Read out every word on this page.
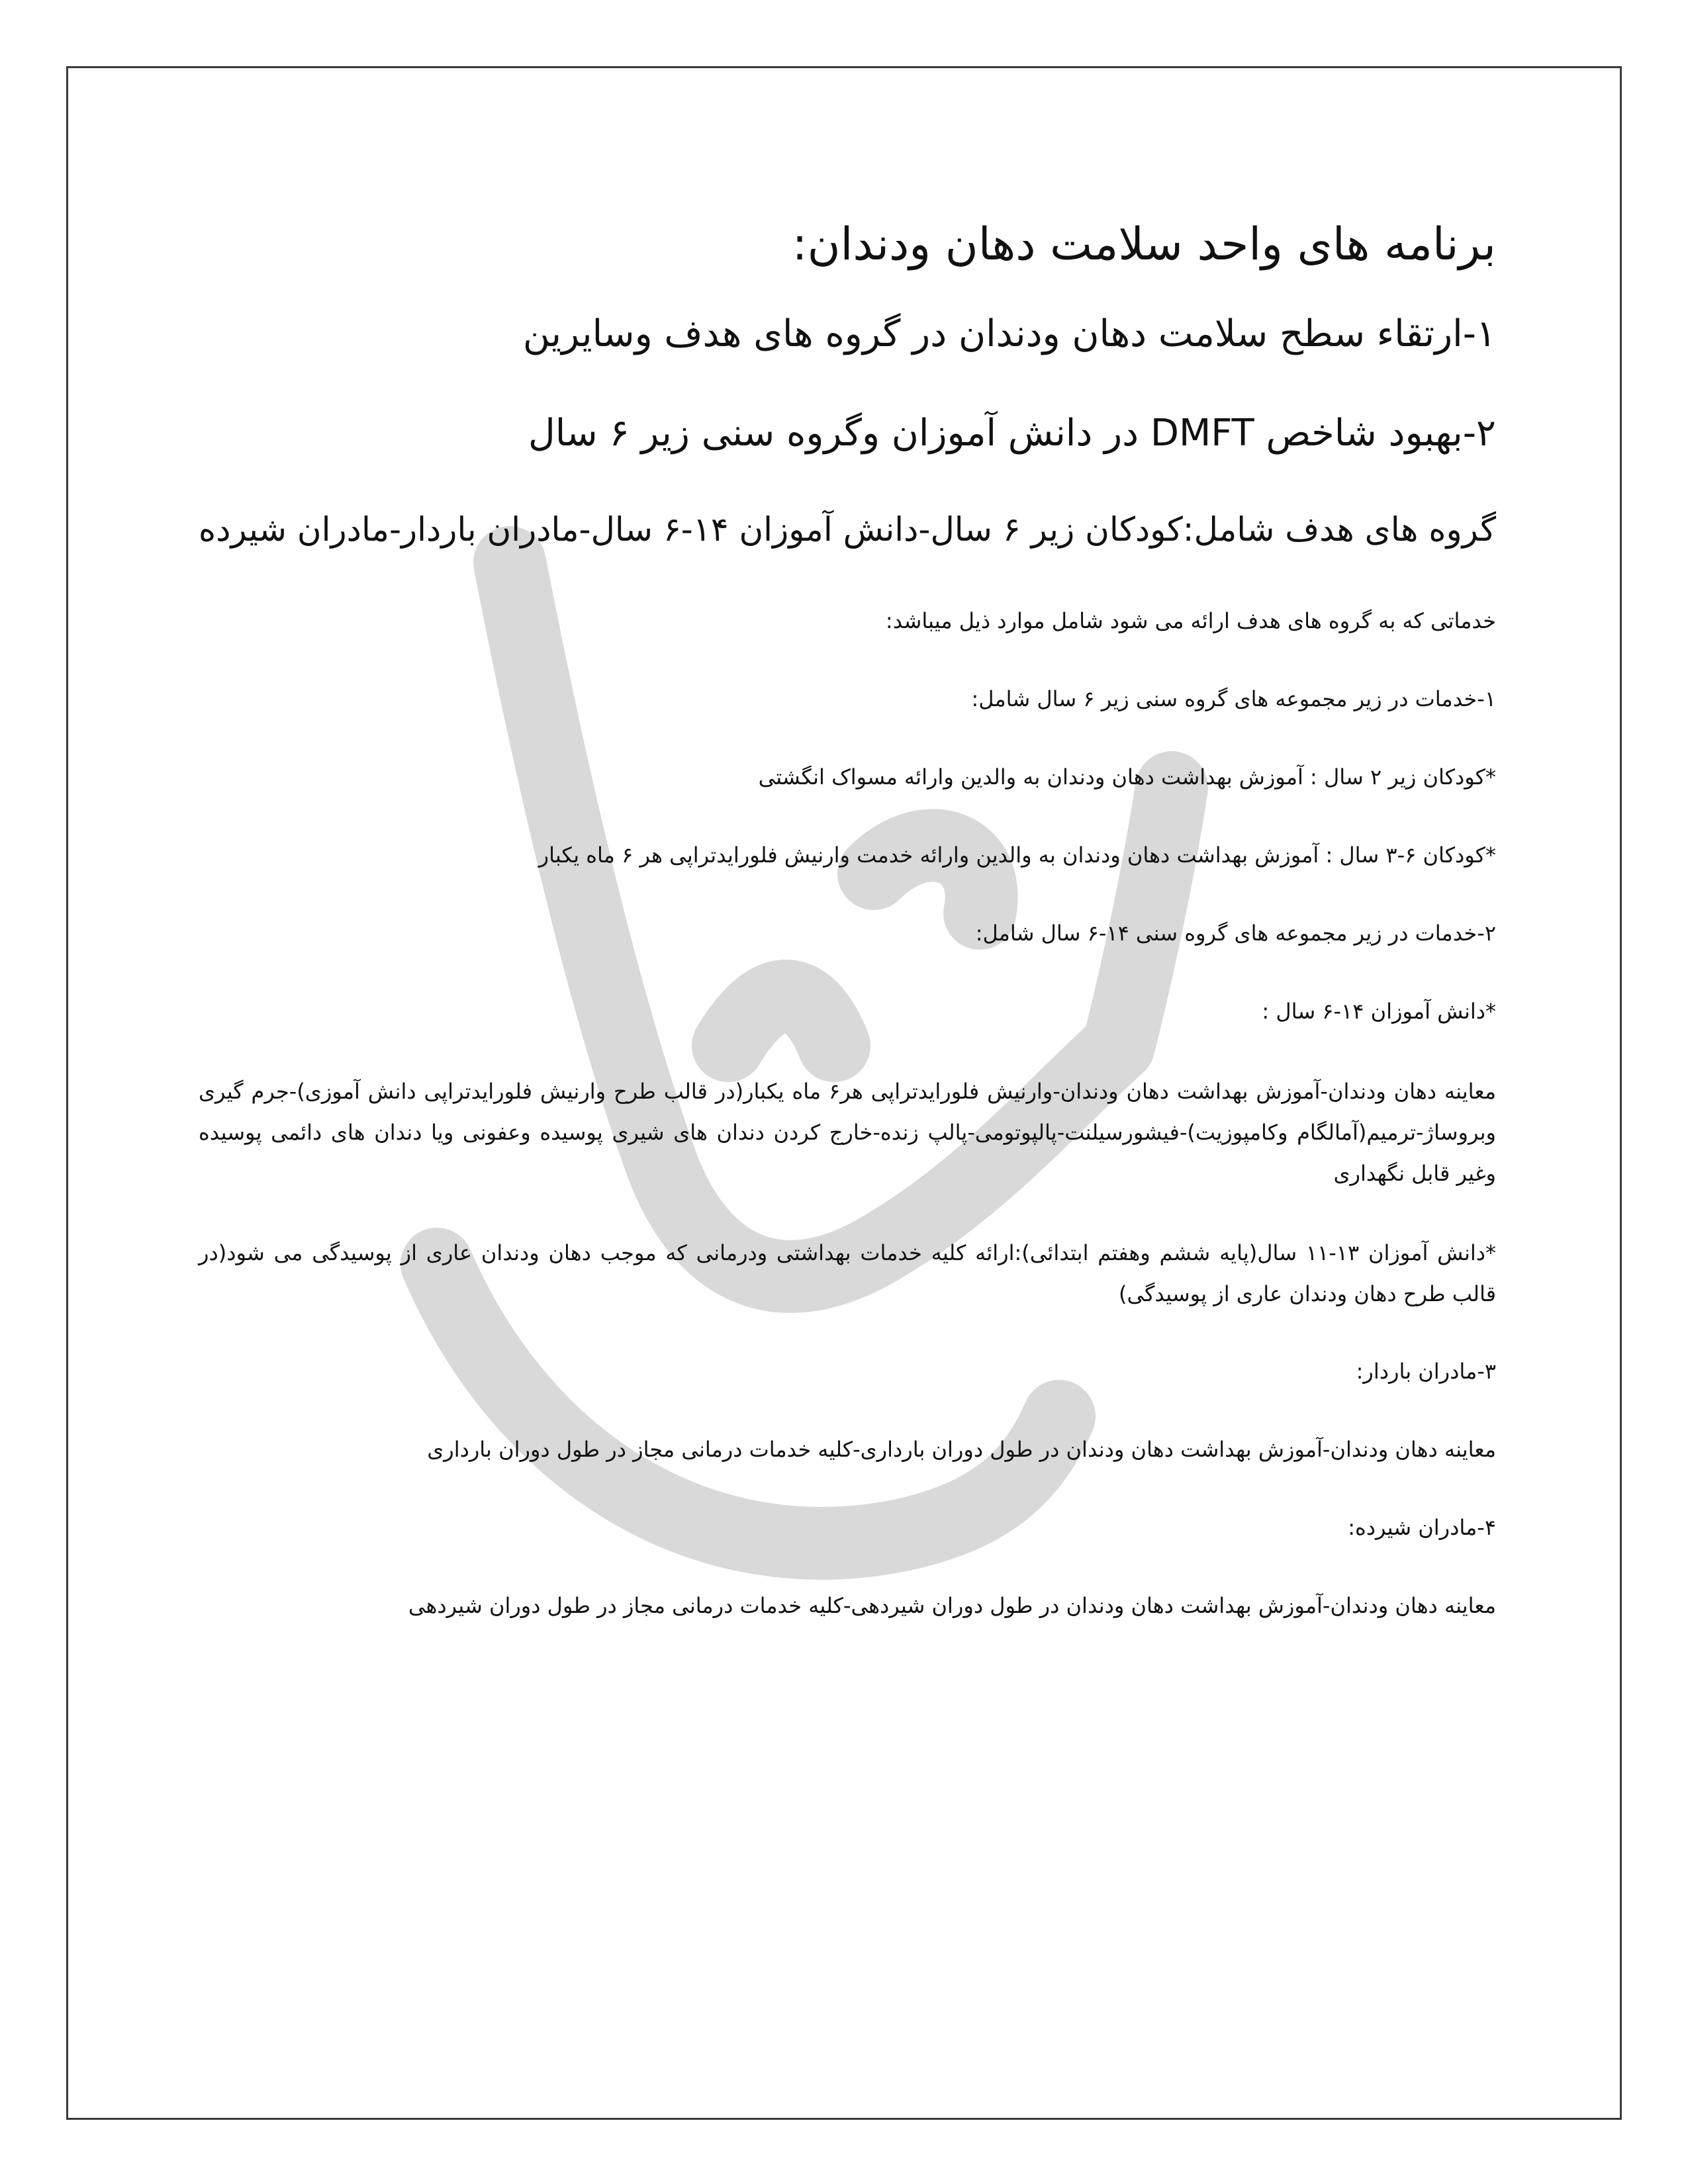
برنامه های واحد سلامت دهان ودندان:
۱-ارتقاء سطح سلامت دهان ودندان در گروه های هدف وسایرین
۲-بهبود شاخص DMFT در دانش آموزان وگروه سنی زیر ۶ سال

گروه های هدف شامل:کودکان زیر ۶ سال-دانش آموزان ۱۴-۶ سال-مادران باردار-مادران شیرده

خدماتی که به گروه های هدف ارائه می شود شامل موارد ذیل میباشد:

۱-خدمات در زیر مجموعه های گروه سنی زیر ۶ سال شامل:

*کودکان زیر ۲ سال : آموزش بهداشت دهان ودندان به والدین وارائه مسواک انگشتی

*کودکان ۶-۳ سال : آموزش بهداشت دهان ودندان به والدین وارائه خدمت وارنیش فلورایدتراپی هر ۶ ماه یکبار

۲-خدمات در زیر مجموعه های گروه سنی ۱۴-۶ سال شامل:

*دانش آموزان ۱۴-۶ سال :

معاینه دهان ودندان-آموزش بهداشت دهان ودندان-وارنیش فلورایدتراپی هر۶ ماه یکبار(در قالب طرح وارنیش فلورایدتراپی دانش آموزی)-جرم گیری وبروساژ-ترمیم(آمالگام وکامپوزیت)-فیشورسیلنت-پالپوتومی-پالپ زنده-خارج کردن دندان های شیری پوسیده وعفونی ویا دندان های دائمی پوسیده وغیر قابل نگهداری

*دانش آموزان ۱۳-۱۱ سال(پایه ششم وهفتم ابتدائی):ارائه کلیه خدمات بهداشتی ودرمانی که موجب دهان ودندان عاری از پوسیدگی می شود(در قالب طرح دهان ودندان عاری از پوسیدگی)

۳-مادران باردار:

معاینه دهان ودندان-آموزش بهداشت دهان ودندان در طول دوران بارداری-کلیه خدمات درمانی مجاز در طول دوران بارداری

۴-مادران شیرده:

معاینه دهان ودندان-آموزش بهداشت دهان ودندان در طول دوران شیردهی-کلیه خدمات درمانی مجاز در طول دوران شیردهی
